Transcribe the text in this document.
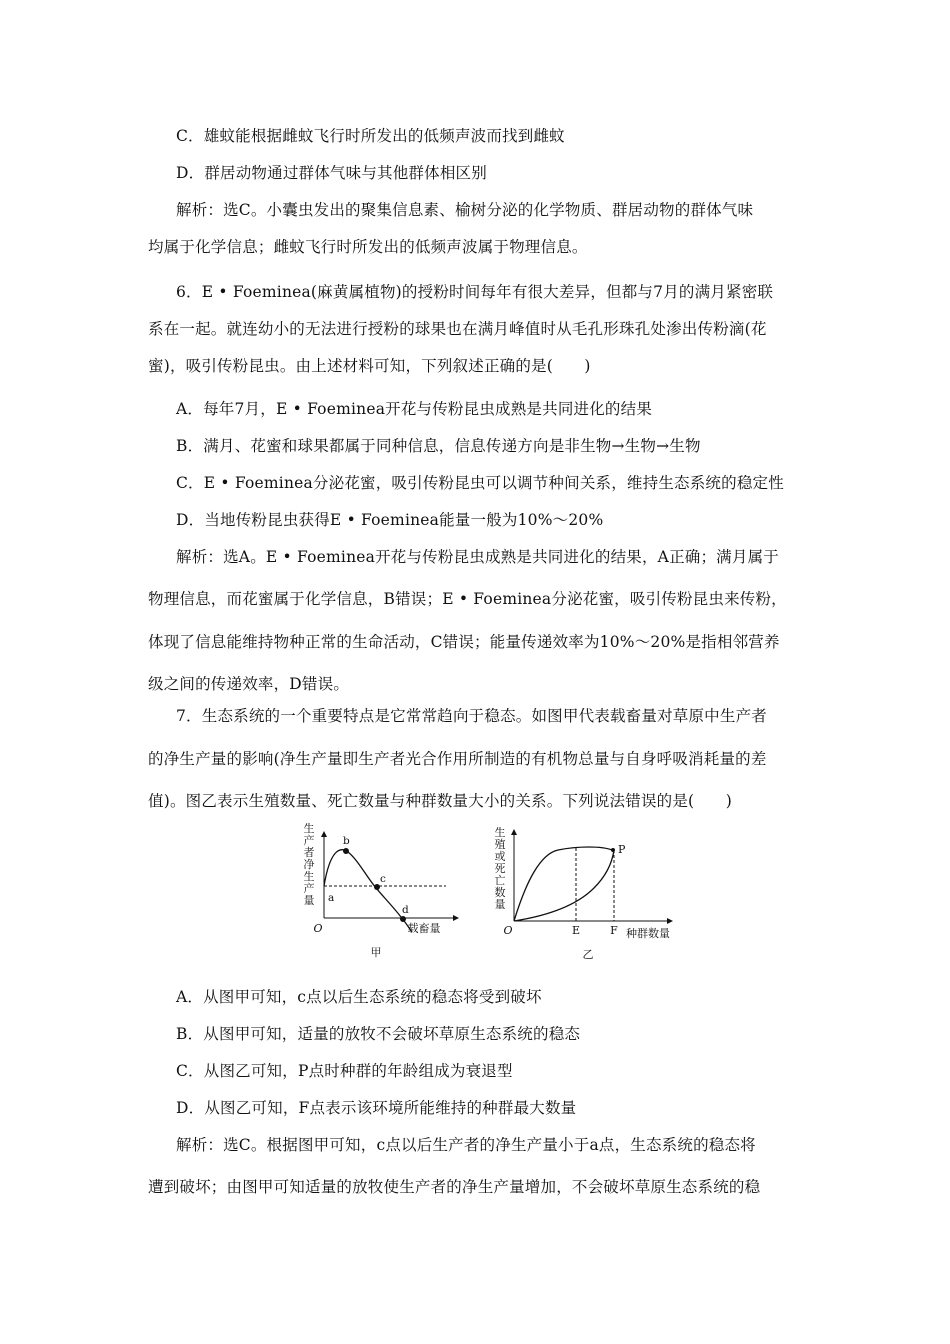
C．雄蚊能根据雌蚊飞行时所发出的低频声波而找到雌蚊
D．群居动物通过群体气味与其他群体相区别
解析：选C。小囊虫发出的聚集信息素、榆树分泌的化学物质、群居动物的群体气味
均属于化学信息；雌蚊飞行时所发出的低频声波属于物理信息。
6．E • Foeminea(麻黄属植物)的授粉时间每年有很大差异，但都与7月的满月紧密联
系在一起。就连幼小的无法进行授粉的球果也在满月峰值时从毛孔形珠孔处渗出传粉滴(花
蜜)，吸引传粉昆虫。由上述材料可知，下列叙述正确的是(　　)
A．每年7月，E • Foeminea开花与传粉昆虫成熟是共同进化的结果
B．满月、花蜜和球果都属于同种信息，信息传递方向是非生物→生物→生物
C．E • Foeminea分泌花蜜，吸引传粉昆虫可以调节种间关系，维持生态系统的稳定性
D．当地传粉昆虫获得E • Foeminea能量一般为10%～20%
解析：选A。E • Foeminea开花与传粉昆虫成熟是共同进化的结果，A正确；满月属于
物理信息，而花蜜属于化学信息，B错误；E • Foeminea分泌花蜜，吸引传粉昆虫来传粉，
体现了信息能维持物种正常的生命活动，C错误；能量传递效率为10%～20%是指相邻营养
级之间的传递效率，D错误。
7．生态系统的一个重要特点是它常常趋向于稳态。如图甲代表载畜量对草原中生产者
的净生产量的影响(净生产量即生产者光合作用所制造的有机物总量与自身呼吸消耗量的差
值)。图乙表示生殖数量、死亡数量与种群数量大小的关系。下列说法错误的是(　　)
生
产
者
净
生
产
量
O
a
b
c
d
载畜量
甲
生
殖
或
死
亡
数
量
O
P
E	F 种群数量
乙
A．从图甲可知，c点以后生态系统的稳态将受到破坏
B．从图甲可知，适量的放牧不会破坏草原生态系统的稳态
C．从图乙可知，P点时种群的年龄组成为衰退型
D．从图乙可知，F点表示该环境所能维持的种群最大数量
解析：选C。根据图甲可知，c点以后生产者的净生产量小于a点，生态系统的稳态将
遭到破坏；由图甲可知适量的放牧使生产者的净生产量增加，不会破坏草原生态系统的稳
